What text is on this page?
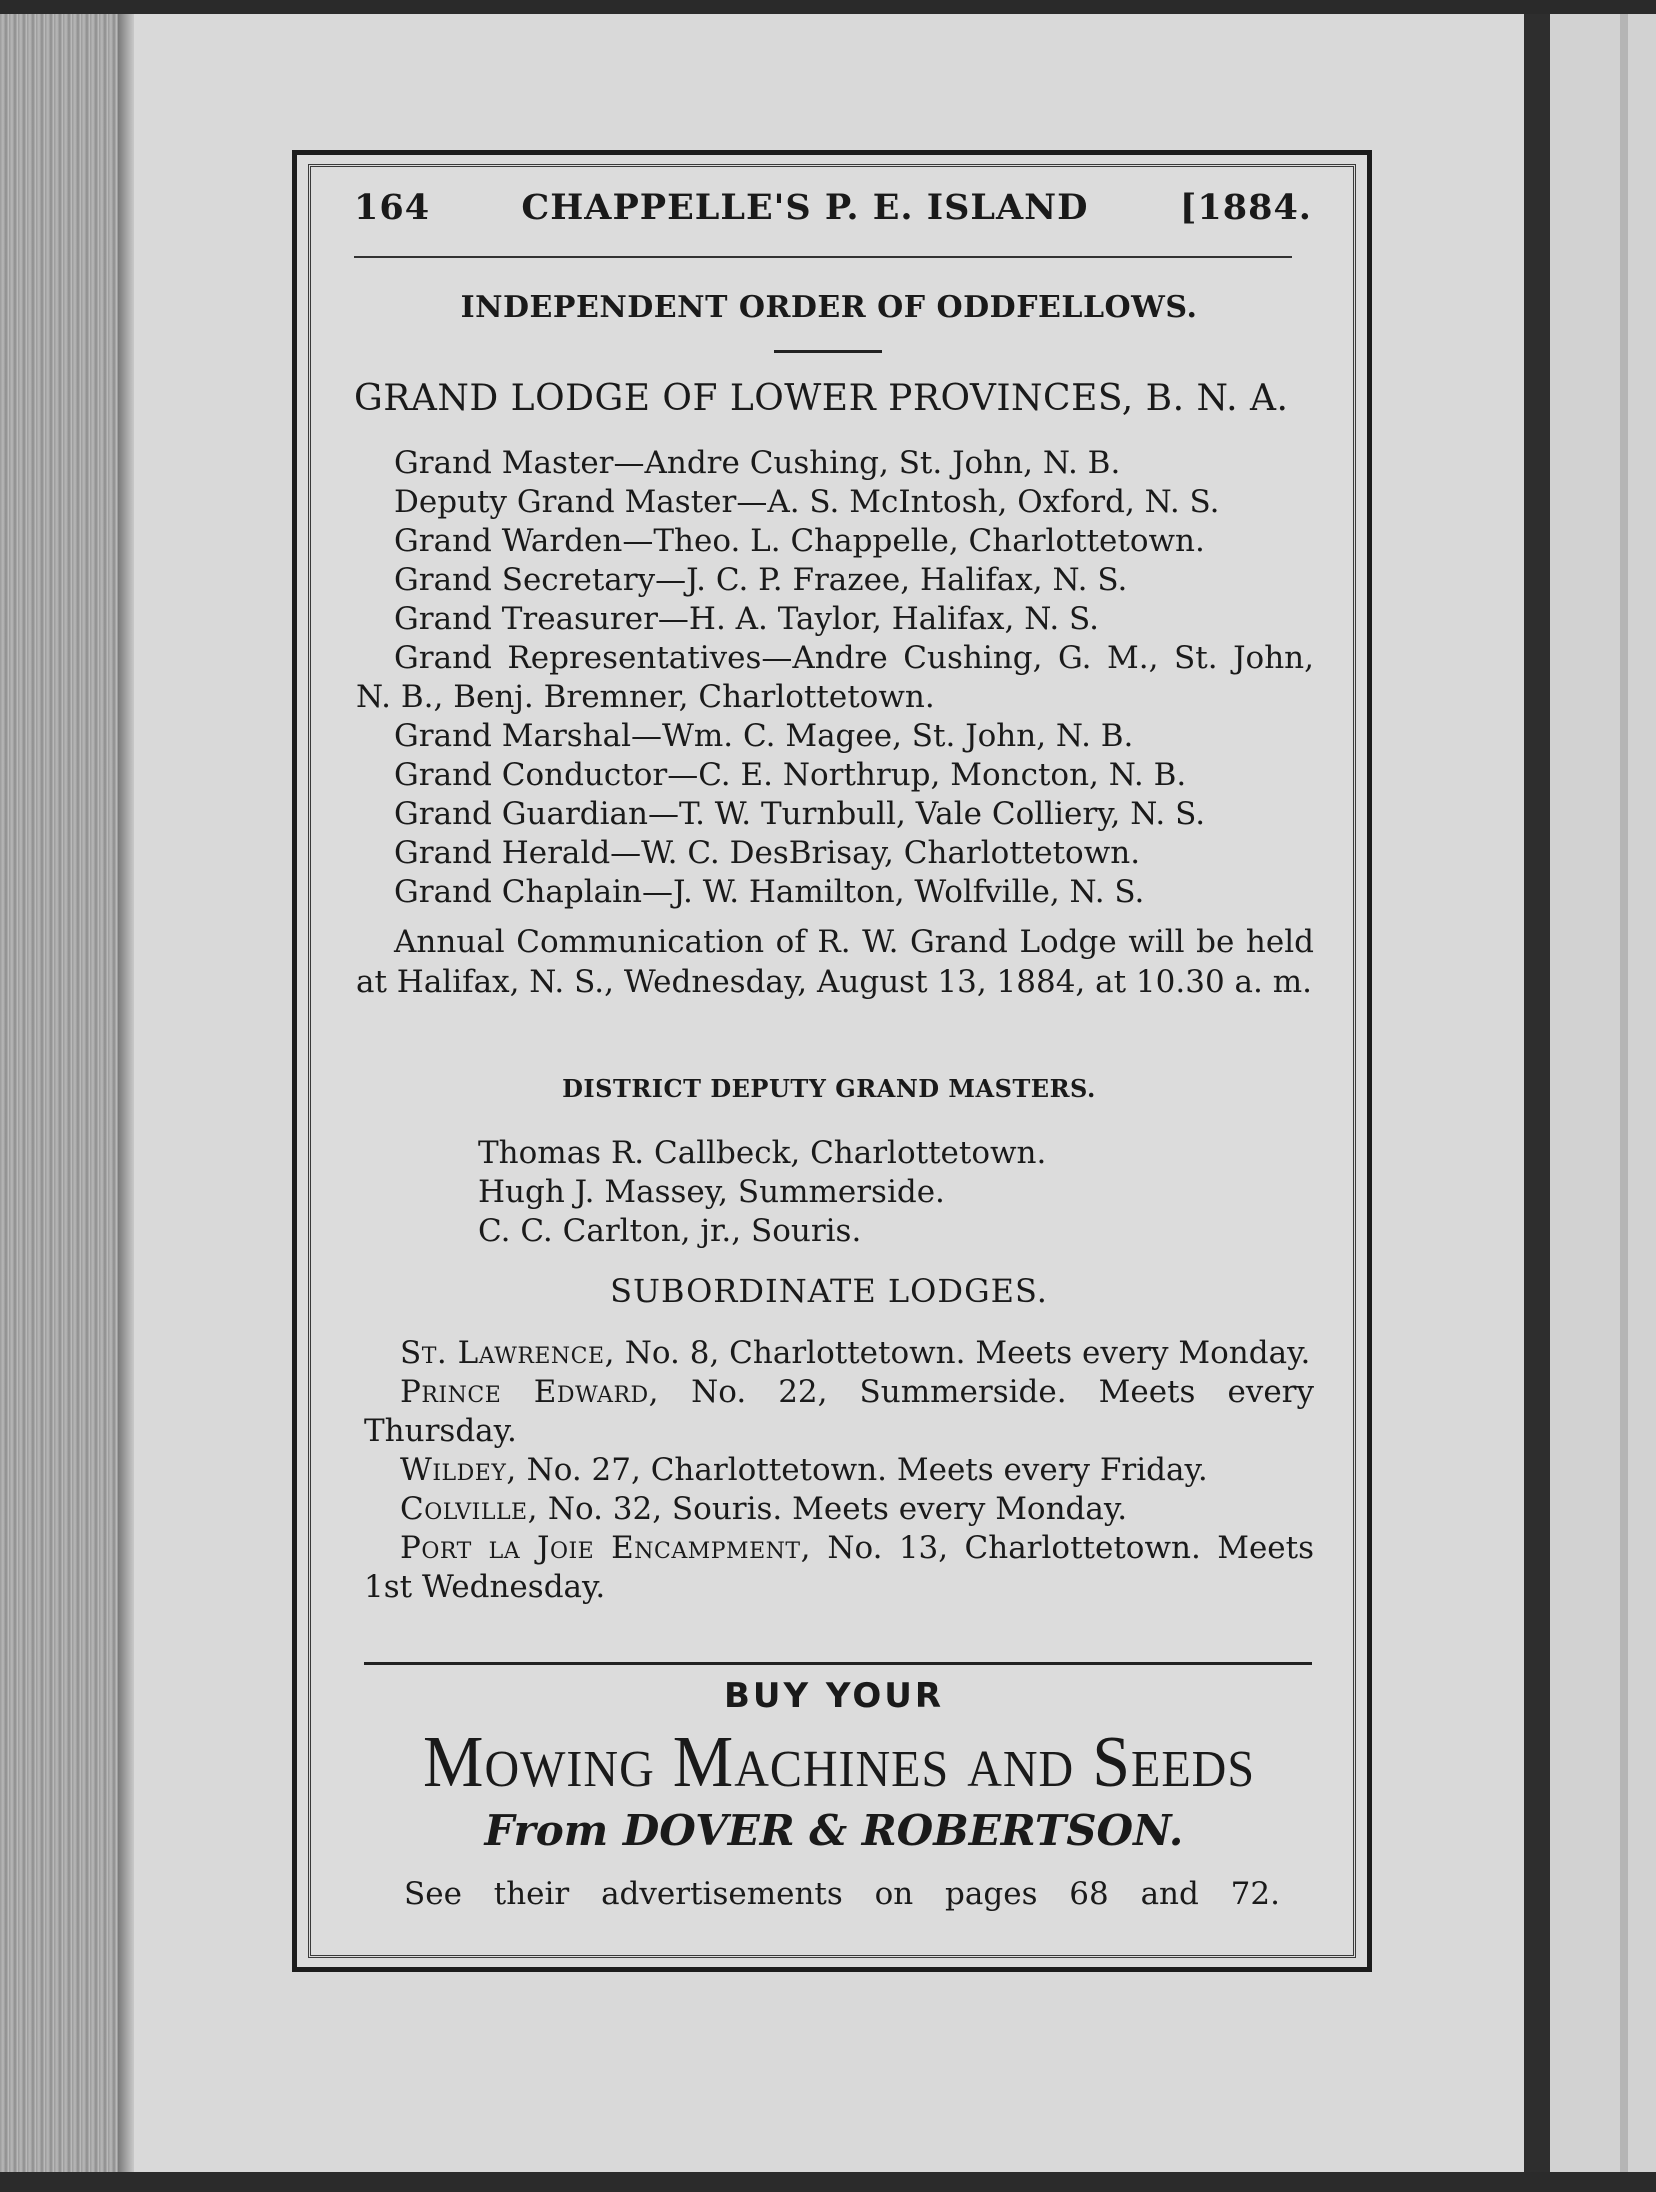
164	CHAPPELLE'S P. E. ISLAND	[1884.
INDEPENDENT ORDER OF ODDFELLOWS.
GRAND LODGE OF LOWER PROVINCES, B. N. A.

Grand Master—Andre Cushing, St. John, N. B.

Deputy Grand Master—A. S. McIntosh, Oxford, N. S.

Grand Warden—Theo. L. Chappelle, Charlottetown.

Grand Secretary—J. C. P. Frazee, Halifax, N. S.

Grand Treasurer—H. A. Taylor, Halifax, N. S.

Grand Representatives—Andre Cushing, G. M., St. John, N. B., Benj. Bremner, Charlottetown.

Grand Marshal—Wm. C. Magee, St. John, N. B.

Grand Conductor—C. E. Northrup, Moncton, N. B.

Grand Guardian—T. W. Turnbull, Vale Colliery, N. S.

Grand Herald—W. C. DesBrisay, Charlottetown.

Grand Chaplain—J. W. Hamilton, Wolfville, N. S.

Annual Communication of R. W. Grand Lodge will be held at Halifax, N. S., Wednesday, August 13, 1884, at 10.30 a. m.

DISTRICT DEPUTY GRAND MASTERS.
Thomas R. Callbeck, Charlottetown.
Hugh J. Massey, Summerside.
C. C. Carlton, jr., Souris.
SUBORDINATE LODGES.

St. Lawrence, No. 8, Charlottetown. Meets every Monday.

Prince Edward, No. 22, Summerside. Meets every Thursday.

Wildey, No. 27, Charlottetown. Meets every Friday.

Colville, No. 32, Souris. Meets every Monday.

Port la Joie Encampment, No. 13, Charlottetown. Meets 1st Wednesday.

BUY YOUR
Mowing Machines and Seeds
From DOVER & ROBERTSON.
See their advertisements on pages 68 and 72.
